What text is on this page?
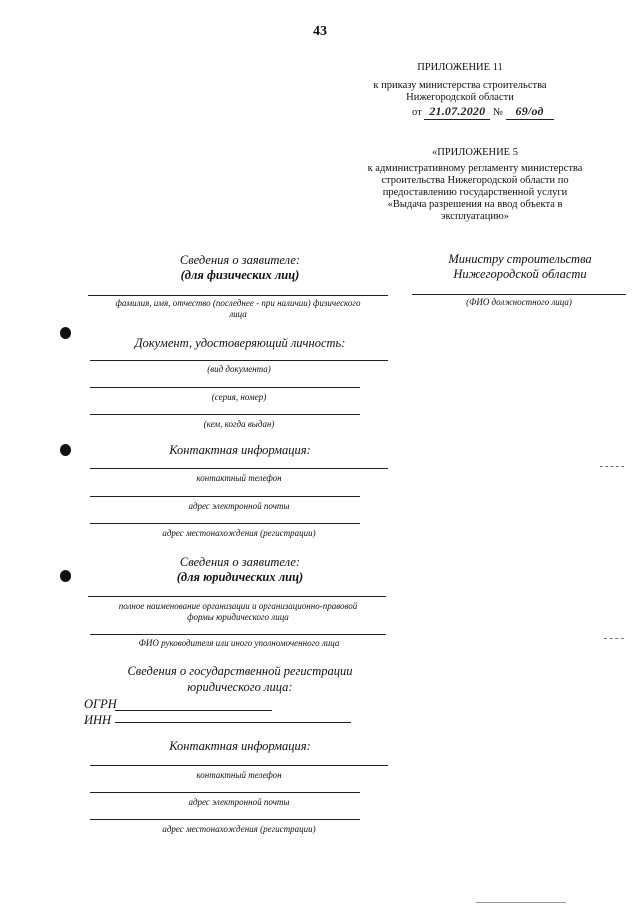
43
ПРИЛОЖЕНИЕ 11
к приказу министерства строительства
Нижегородской области
от 21.07.2020 № 69/од
«ПРИЛОЖЕНИЕ 5
к административному регламенту министерства
строительства Нижегородской области по
предоставлению государственной услуги
«Выдача разрешения на ввод объекта в
эксплуатацию»
Министру строительства
Нижегородской области
(ФИО должностного лица)
Сведения о заявителе:
(для физических лиц)
фамилия, имя, отчество (последнее - при наличии) физического
лица
Документ, удостоверяющий личность:
(вид документа)
(серия, номер)
(кем, когда выдан)
Контактная информация:
контактный телефон
адрес электронной почты
адрес местонахождения (регистрации)
Сведения о заявителе:
(для юридических лиц)
полное наименование организации и организационно-правовой
формы юридического лица
ФИО руководителя или иного уполномоченного лица
Сведения о государственной регистрации
юридического лица:
ОГРН
ИНН
Контактная информация:
контактный телефон
адрес электронной почты
адрес местонахождения (регистрации)
